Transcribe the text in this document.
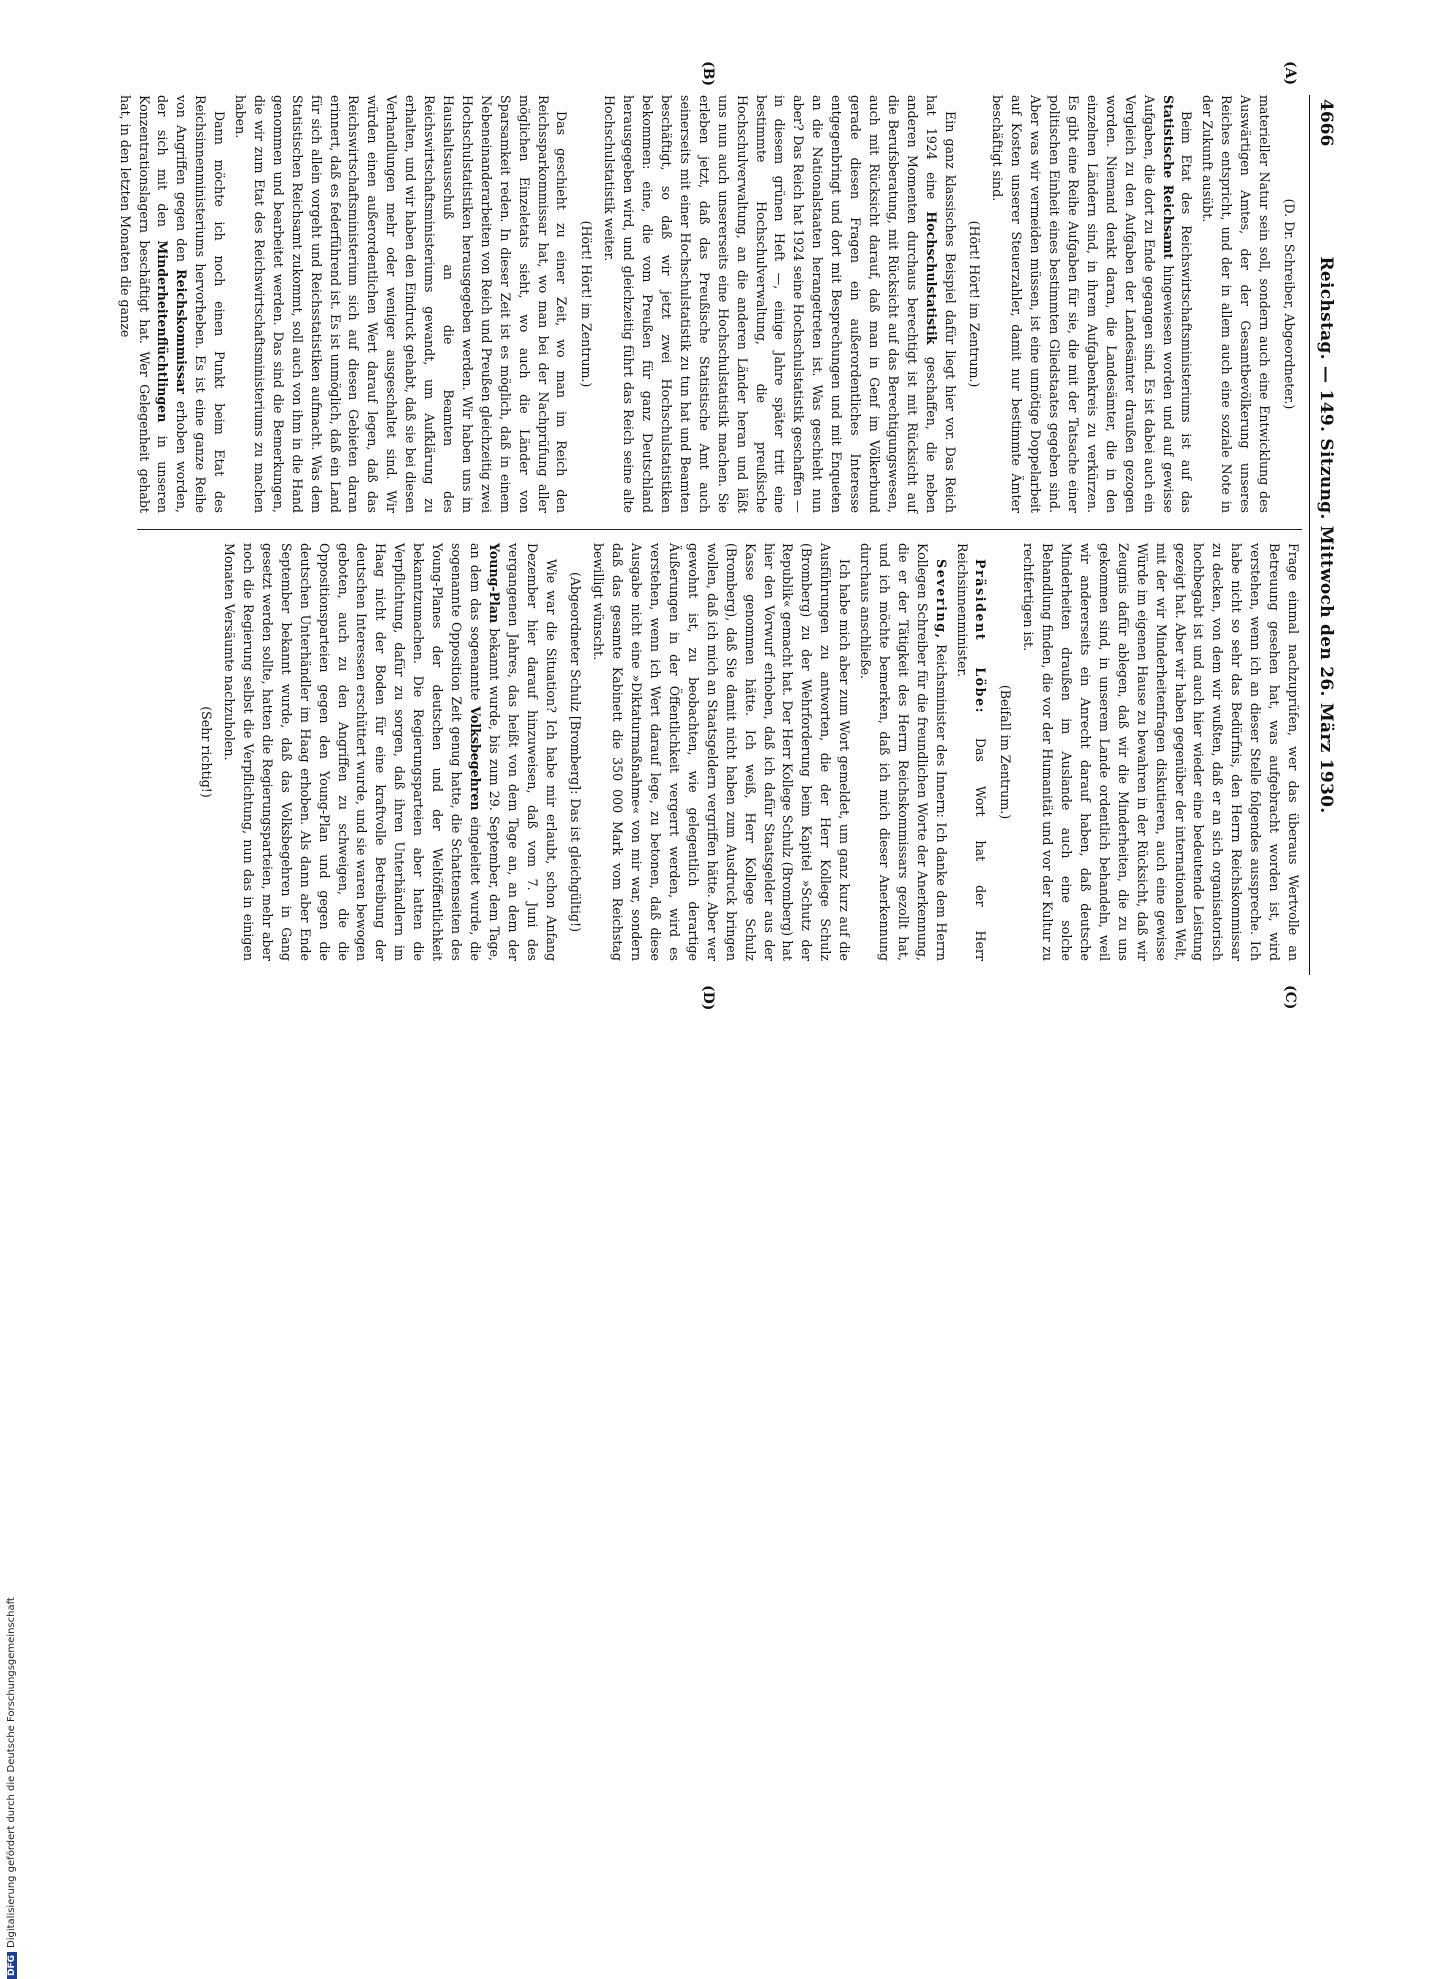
4666
Reichstag. — 149. Sitzung. Mittwoch den 26. März 1930.
(A)
(B)
(C)
(D)

(D. Dr. Schreiber, Abgeordneter.)

materieller Natur sein soll, sondern auch eine Entwicklung des Auswärtigen Amtes, der der Gesamtbevölkerung unseres Reiches entspricht, und der in allem auch eine soziale Note in der Zukunft ausübt.

Beim Etat des Reichswirtschaftsministeriums ist auf das Statistische Reichsamt hingewiesen worden und auf gewisse Aufgaben, die dort zu Ende gegangen sind. Es ist dabei auch ein Vergleich zu den Aufgaben der Landesämter draußen gezogen worden. Niemand denkt daran, die Landesämter, die in den einzelnen Ländern sind, in ihrem Aufgabenkreis zu verkürzen. Es gibt eine Reihe Aufgaben für sie, die mit der Tatsache einer politischen Einheit eines bestimmten Gliedstaates gegeben sind. Aber was wir vermeiden müssen, ist eine unnötige Doppelarbeit auf Kosten unserer Steuerzahler, damit nur bestimmte Ämter beschäftigt sind.

(Hört! Hört! im Zentrum.)

Ein ganz klassisches Beispiel dafür liegt hier vor. Das Reich hat 1924 eine Hochschulstatistik geschaffen, die neben anderen Momenten durchaus berechtigt ist mit Rücksicht auf die Berufsberatung, mit Rücksicht auf das Berechtigungswesen, auch mit Rücksicht darauf, daß man in Genf im Völkerbund gerade diesen Fragen ein außerordentliches Interesse entgegenbringt und dort mit Besprechungen und mit Enqueten an die Nationalstaaten herangetreten ist. Was geschieht nun aber? Das Reich hat 1924 seine Hochschulstatistik geschaffen — in diesem grünen Heft —, einige Jahre später tritt eine bestimmte Hochschulverwaltung, die preußische Hochschulverwaltung, an die anderen Länder heran und läßt uns nun auch unsererseits eine Hochschulstatistik machen. Sie erleben jetzt, daß das Preußische Statistische Amt auch seinerseits mit einer Hochschulstatistik zu tun hat und Beamten beschäftigt, so daß wir jetzt zwei Hochschulstatistiken bekommen: eine, die vom Preußen für ganz Deutschland herausgegeben wird, und gleichzeitig führt das Reich seine alte Hochschulstatistik weiter.

(Hört! Hört! im Zentrum.)

Das geschieht zu einer Zeit, wo man im Reich den Reichssparkommissar hat, wo man bei der Nachprüfung aller möglichen Einzeletats sieht, wo auch die Länder von Sparsamkeit reden. In dieser Zeit ist es möglich, daß in einem Nebeneinanderarbeiten von Reich und Preußen gleichzeitig zwei Hochschulstatistiken herausgegeben werden. Wir haben uns im Haushaltsausschuß an die Beamten des Reichswirtschaftsministeriums gewandt, um Aufklärung zu erhalten, und wir haben den Eindruck gehabt, daß sie bei diesen Verhandlungen mehr oder weniger ausgeschaltet sind. Wir würden einen außerordentlichen Wert darauf legen, daß das Reichswirtschaftsministerium sich auf diesen Gebieten daran erinnert, daß es federführend ist. Es ist unmöglich, daß ein Land für sich allein vorgeht und Reichsstatistiken aufmacht. Was dem Statistischen Reichsamt zukommt, soll auch von ihm in die Hand genommen und bearbeitet werden. Das sind die Bemerkungen, die wir zum Etat des Reichswirtschaftsministeriums zu machen haben.

Dann möchte ich noch einen Punkt beim Etat des Reichsinnenministeriums hervorheben. Es ist eine ganze Reihe von Angriffen gegen den Reichskommissar erhoben worden, der sich mit den Minderheitenflüchtlingen in unseren Konzentrationslagern beschäftigt hat. Wer Gelegenheit gehabt hat, in den letzten Monaten die ganze

Frage einmal nachzuprüfen, wer das überaus Wertvolle an Betreuung gesehen hat, was aufgebracht worden ist, wird verstehen, wenn ich an dieser Stelle folgendes ausspreche. Ich habe nicht so sehr das Bedürfnis, den Herrn Reichskommissar zu decken, von dem wir wußten, daß er an sich organisatorisch hochbegabt ist und auch hier wieder eine bedeutende Leistung gezeigt hat. Aber wir haben gegenüber der internationalen Welt, mit der wir Minderheitenfragen diskutieren, auch eine gewisse Würde im eigenen Hause zu bewahren in der Rücksicht, daß wir Zeugnis dafür ablegen, daß wir die Minderheiten, die zu uns gekommen sind, in unserem Lande ordentlich behandeln, weil wir andererseits ein Anrecht darauf haben, daß deutsche Minderheiten draußen im Auslande auch eine solche Behandlung finden, die vor der Humanität und vor der Kultur zu rechtfertigen ist.

(Beifall im Zentrum.)

Präsident Löbe: Das Wort hat der Herr Reichsinnenminister.

Severing, Reichsminister des Innern: Ich danke dem Herrn Kollegen Schreiber für die freundlichen Worte der Anerkennung, die er der Tätigkeit des Herrn Reichskommissars gezollt hat, und ich möchte bemerken, daß ich mich dieser Anerkennung durchaus anschließe.

Ich habe mich aber zum Wort gemeldet, um ganz kurz auf die Ausführungen zu antworten, die der Herr Kollege Schulz (Bromberg) zu der Wehrforderung beim Kapitel »Schutz der Republik« gemacht hat. Der Herr Kollege Schulz (Bromberg) hat hier den Vorwurf erhoben, daß ich dafür Staatsgelder aus der Kasse genommen hätte. Ich weiß, Herr Kollege Schulz (Bromberg), daß Sie damit nicht haben zum Ausdruck bringen wollen, daß ich mich an Staatsgeldern vergriffen hätte. Aber wer gewohnt ist, zu beobachten, wie gelegentlich derartige Äußerungen in der Öffentlichkeit vergerrt werden, wird es verstehen, wenn ich Wert darauf lege, zu betonen, daß diese Ausgabe nicht eine »Diktaturmaßnahme« von mir war, sondern daß das gesamte Kabinett die 350 000 Mark vom Reichstag bewilligt wünscht.

(Abgeordneter Schulz [Bromberg]: Das ist gleichgültig!)

Wie war die Situation? Ich habe mir erlaubt, schon Anfang Dezember hier darauf hinzuweisen, daß vom 7. Juni des vergangenen Jahres, das heißt von dem Tage an, an dem der Young-Plan bekannt wurde, bis zum 29. September, dem Tage, an dem das sogenannte Volksbegehren eingeleitet wurde, die sogenannte Opposition Zeit genug hatte, die Schattenseiten des Young-Planes der deutschen und der Weltöffentlichkeit bekanntzumachen. Die Regierungsparteien aber hatten die Verpflichtung, dafür zu sorgen, daß ihren Unterhändlern im Haag nicht der Boden für eine kraftvolle Betreibung der deutschen Interessen erschüttert wurde, und sie waren bewogen geboten, auch zu den Angriffen zu schweigen, die die Oppositionsparteien gegen den Young-Plan und gegen die deutschen Unterhändler im Haag erhoben. Als dann aber Ende September bekannt wurde, daß das Volksbegehren in Gang gesetzt werden sollte, hatten die Regierungsparteien, mehr aber noch die Regierung selbst die Verpflichtung, nun das in einigen Monaten Versäumte nachzuholen.

(Sehr richtig!)

DFGDigitalisierung gefördert durch die Deutsche Forschungsgemeinschaft
